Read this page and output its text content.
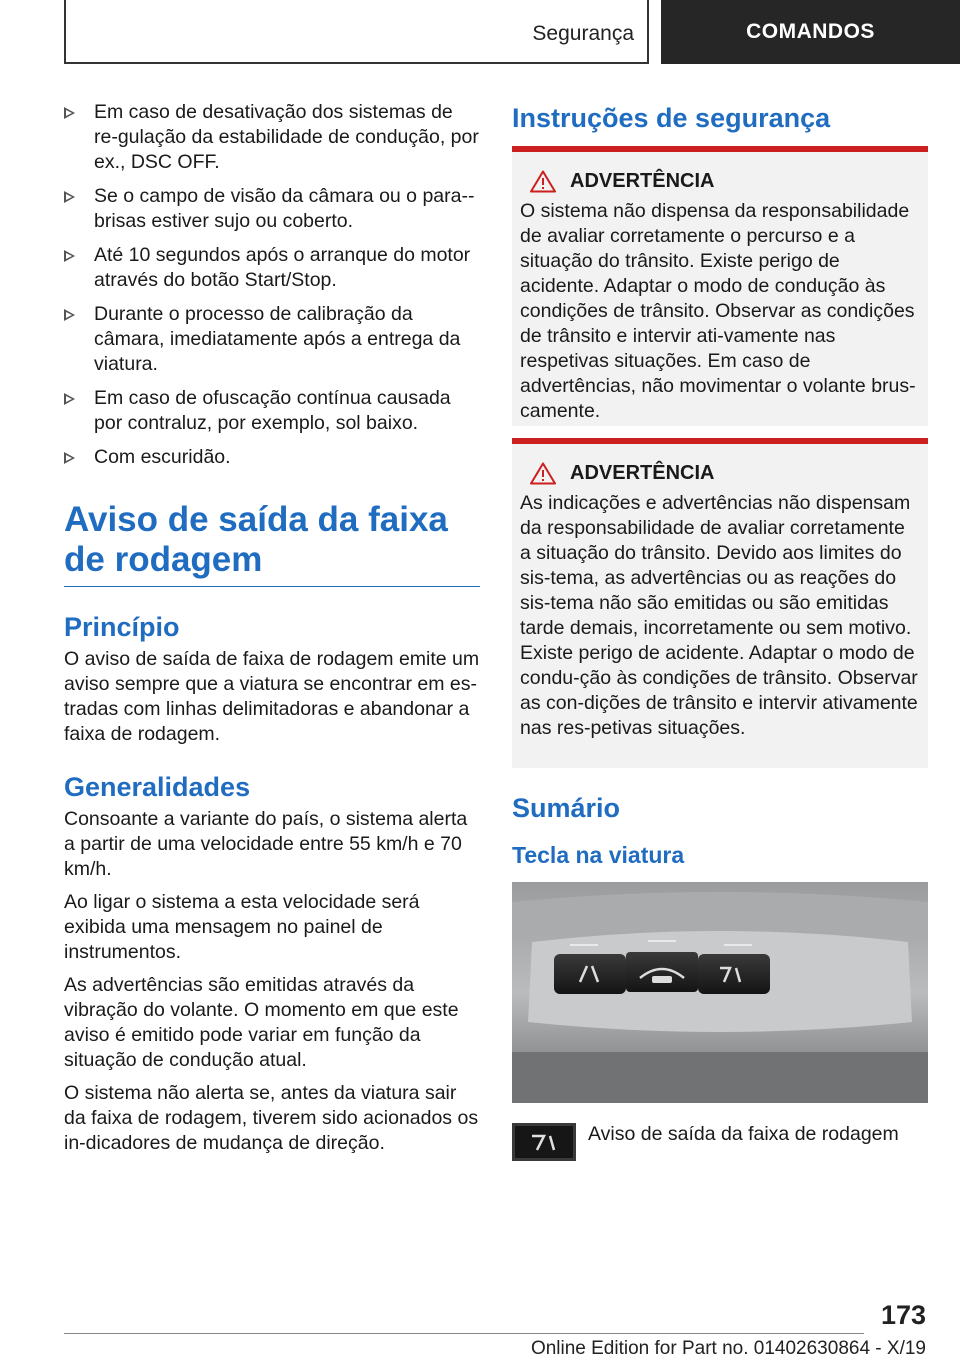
Segurança	COMANDOS
Em caso de desativação dos sistemas de re-gulação da estabilidade de condução, por ex., DSC OFF.
Se o campo de visão da câmara ou o para--brisas estiver sujo ou coberto.
Até 10 segundos após o arranque do motor através do botão Start/Stop.
Durante o processo de calibração da câmara, imediatamente após a entrega da viatura.
Em caso de ofuscação contínua causada por contraluz, por exemplo, sol baixo.
Com escuridão.
Aviso de saída da faixa de rodagem
Princípio

O aviso de saída de faixa de rodagem emite um aviso sempre que a viatura se encontrar em es-tradas com linhas delimitadoras e abandonar a faixa de rodagem.

Generalidades

Consoante a variante do país, o sistema alerta a partir de uma velocidade entre 55 km/h e 70 km/h.

Ao ligar o sistema a esta velocidade será exibida uma mensagem no painel de instrumentos.

As advertências são emitidas através da vibração do volante. O momento em que este aviso é emitido pode variar em função da situação de condução atual.

O sistema não alerta se, antes da viatura sair da faixa de rodagem, tiverem sido acionados os in-dicadores de mudança de direção.

Instruções de segurança
ADVERTÊNCIA

O sistema não dispensa da responsabilidade de avaliar corretamente o percurso e a situação do trânsito. Existe perigo de acidente. Adaptar o modo de condução às condições de trânsito. Observar as condições de trânsito e intervir ati-vamente nas respetivas situações. Em caso de advertências, não movimentar o volante brus-camente.

ADVERTÊNCIA

As indicações e advertências não dispensam da responsabilidade de avaliar corretamente a situação do trânsito. Devido aos limites do sis-tema, as advertências ou as reações do sis-tema não são emitidas ou são emitidas tarde demais, incorretamente ou sem motivo. Existe perigo de acidente. Adaptar o modo de condu-ção às condições de trânsito. Observar as con-dições de trânsito e intervir ativamente nas res-petivas situações.

Sumário
Tecla na viatura
Aviso de saída da faixa de rodagem
173
Online Edition for Part no. 01402630864 - X/19
